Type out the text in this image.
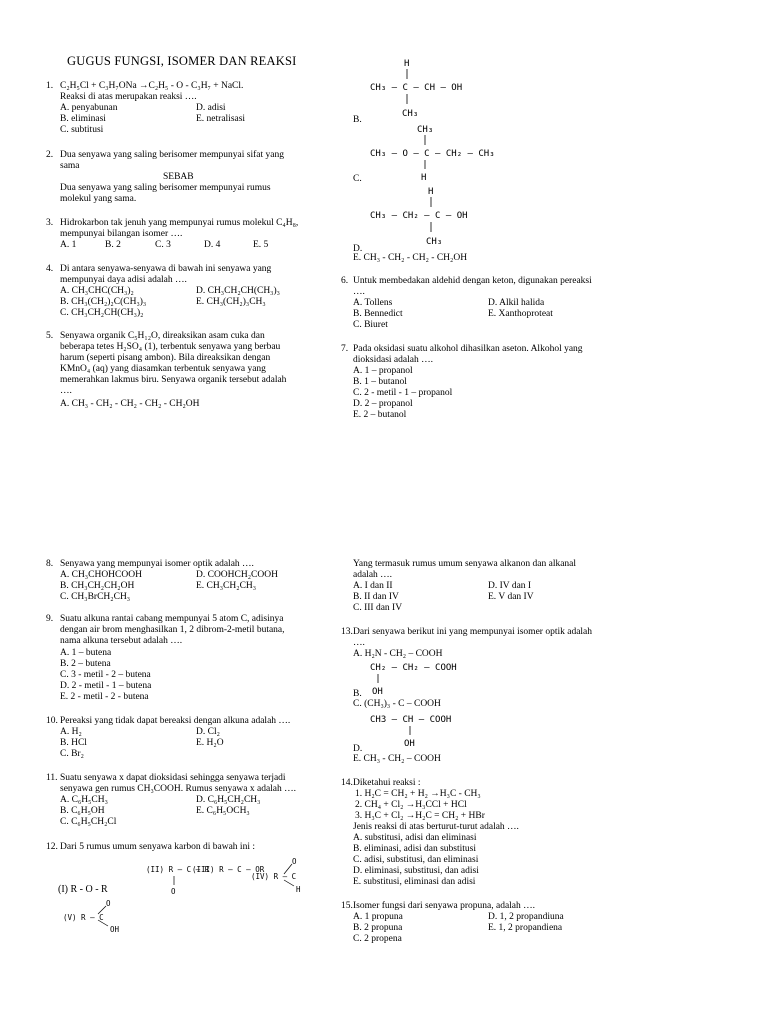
GUGUS FUNGSI, ISOMER DAN REAKSI
1. C₂H₅Cl + C₃H₇ONa →C₂H₅ - O - C₃H₇ + NaCl.
Reaksi di atas merupakan reaksi ….
A. penyabunan
B. eliminasi
C. subtitusi
D. adisi
E. netralisasi
2. Dua senyawa yang saling berisomer mempunyai sifat yang
sama
SEBAB
Dua senyawa yang saling berisomer mempunyai rumus
molekul yang sama.
3. Hidrokarbon tak jenuh yang mempunyai rumus molekul C₄H₈,
mempunyai bilangan isomer ….
A. 1	B. 2	C. 3	D. 4	E. 5
4. Di antara senyawa-senyawa di bawah ini senyawa yang
mempunyai daya adisi adalah ….
A. CH₃CHC(CH₃)₂
B. CH₃(CH₂)₂C(CH₃)₃
C. CH₃CH₂CH(CH₃)₂
D. CH₃CH₂CH(CH₃)₃
E. CH₃(CH₂)₃CH₃
5. Senyawa organik C₅H₁₂O, direaksikan asam cuka dan
beberapa tetes H₂SO₄ (1), terbentuk senyawa yang berbau
harum (seperti pisang ambon). Bila direaksikan dengan
KMnO₄ (aq) yang diasamkan terbentuk senyawa yang
memerahkan lakmus biru. Senyawa organik tersebut adalah
….
A. CH₃ - CH₂ - CH₂ - CH₂ - CH₂OH
H
CH₃ – C – CH – OH
CH₃
B.
CH₃
CH₃ – O – C – CH₂ – CH₃
H
C.
H
CH₃ – CH₂ – C – OH
CH₃
D.
E. CH₃ - CH₂ - CH₂ - CH₂OH
6. Untuk membedakan aldehid dengan keton, digunakan pereaksi
….
A. Tollens
B. Bennedict
C. Biuret
D. Alkil halida
E. Xanthoproteat
7. Pada oksidasi suatu alkohol dihasilkan aseton. Alkohol yang
dioksidasi adalah ….
A. 1 – propanol
B. 1 – butanol
C. 2 - metil - 1 – propanol
D. 2 – propanol
E. 2 – butanol
8. Senyawa yang mempunyai isomer optik adalah ….
A. CH₃CHOHCOOH
B. CH₃CH₂CH₂OH
C. CH₃BrCH₂CH₃
D. COOHCH₂COOH
E. CH₃CH₂CH₃
9. Suatu alkuna rantai cabang mempunyai 5 atom C, adisinya
dengan air brom menghasilkan 1, 2 dibrom-2-metil butana,
nama alkuna tersebut adalah ….
A. 1 – butena
B. 2 – butena
C. 3 - metil - 2 – butena
D. 2 - metil - 1 – butena
E. 2 - metil - 2 - butena
10. Pereaksi yang tidak dapat bereaksi dengan alkuna adalah ….
A. H₂
B. HCl
C. Br₂
D. Cl₂
E. H₂O
11. Suatu senyawa x dapat dioksidasi sehingga senyawa terjadi
senyawa gen rumus CH₃COOH. Rumus senyawa x adalah ….
A. C₆H₅CH₃
B. C₆H₅OH
C. C₆H₅CH₂Cl
D. C₆H₅CH₂CH₃
E. C₆H₅OCH₃
12. Dari 5 rumus umum senyawa karbon di bawah ini :
(II) R – C – R
O
(III) R – C – OR
(IV) R – C
O
H
(I) R - O - R
(V) R – C
O
OH
Yang termasuk rumus umum senyawa alkanon dan alkanal
adalah ….
A. I dan II
B. II dan IV
C. III dan IV
D. IV dan I
E. V dan IV
13. Dari senyawa berikut ini yang mempunyai isomer optik adalah
….
A. H₂N - CH₂ – COOH
CH₂ – CH₂ – COOH
OH
B.
C. (CH₃)₃ - C – COOH
CH3 – CH – COOH
OH
D.
E. CH₃ - CH₂ – COOH
14. Diketahui reaksi :
1. H₂C = CH₂ + H₂ →H₃C - CH₃
2. CH₄ + Cl₂ →H₃CCl + HCl
3. H₃C + Cl₂ →H₂C = CH₂ + HBr
Jenis reaksi di atas berturut-turut adalah ….
A. substitusi, adisi dan eliminasi
B. eliminasi, adisi dan substitusi
C. adisi, substitusi, dan eliminasi
D. eliminasi, substitusi, dan adisi
E. substitusi, eliminasi dan adisi
15. Isomer fungsi dari senyawa propuna, adalah ….
A. 1 propuna
B. 2 propuna
C. 2 propena
D. 1, 2 propandiuna
E. 1, 2 propandiena
